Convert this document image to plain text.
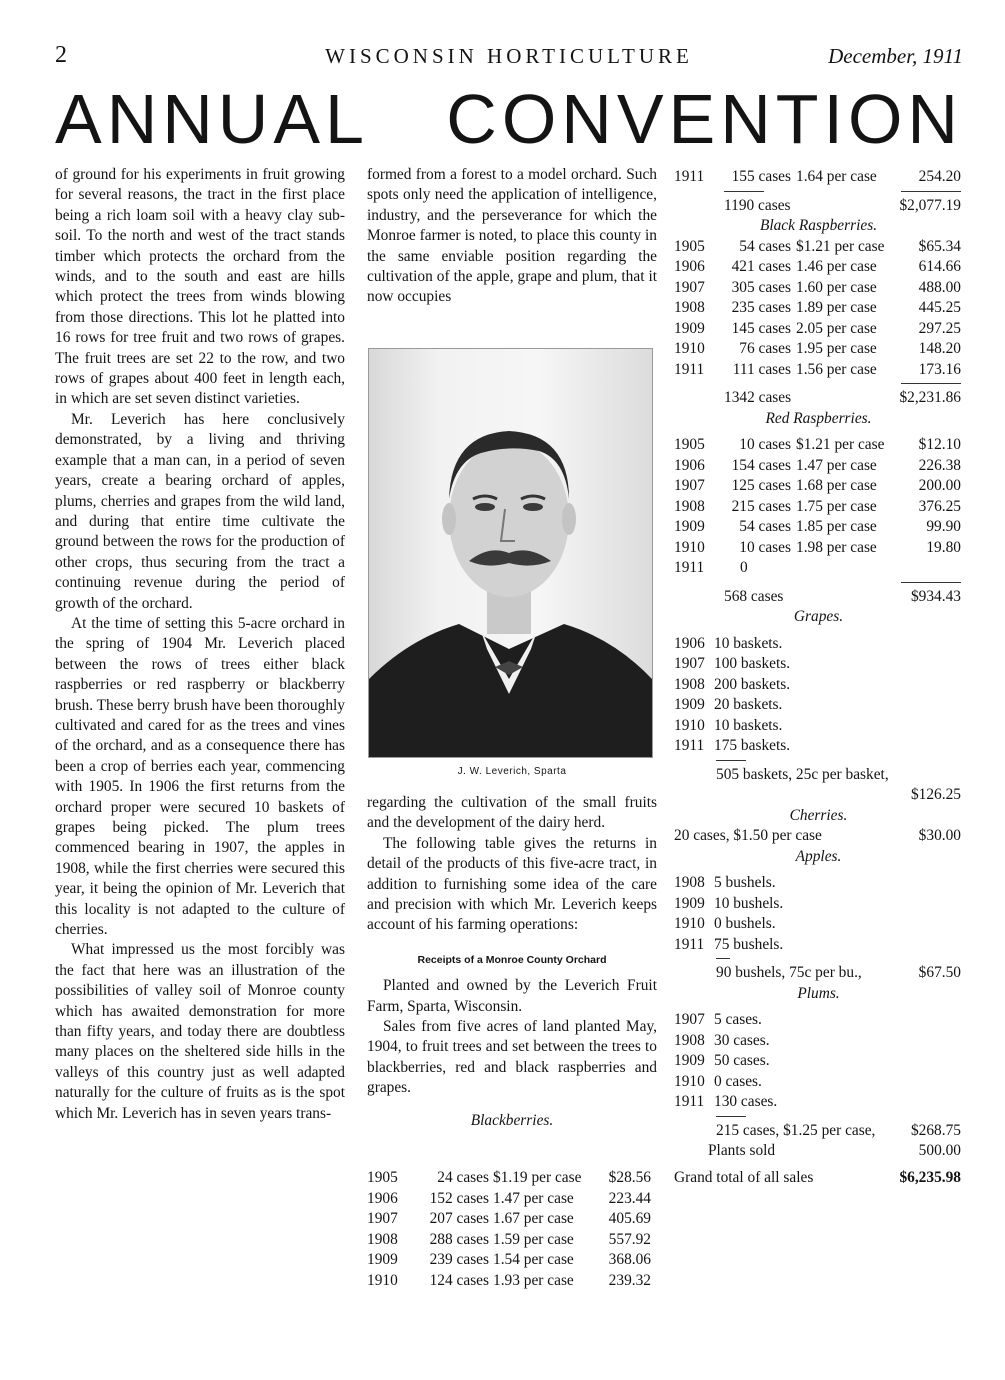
2	WISCONSIN HORTICULTURE	December, 1911
ANNUAL CONVENTION

of ground for his experiments in fruit growing for several reasons, the tract in the first place being a rich loam soil with a heavy clay sub-soil. To the north and west of the tract stands timber which protects the orchard from the winds, and to the south and east are hills which protect the trees from winds blowing from those directions. This lot he platted into 16 rows for tree fruit and two rows of grapes. The fruit trees are set 22 to the row, and two rows of grapes about 400 feet in length each, in which are set seven distinct varieties.

Mr. Leverich has here conclusively demonstrated, by a living and thriving example that a man can, in a period of seven years, create a bearing orchard of apples, plums, cherries and grapes from the wild land, and during that entire time cultivate the ground between the rows for the production of other crops, thus securing from the tract a continuing revenue during the period of growth of the orchard.

At the time of setting this 5-acre orchard in the spring of 1904 Mr. Leverich placed between the rows of trees either black raspberries or red raspberry or blackberry brush. These berry brush have been thoroughly cultivated and cared for as the trees and vines of the orchard, and as a consequence there has been a crop of berries each year, commencing with 1905. In 1906 the first returns from the orchard proper were secured 10 baskets of grapes being picked. The plum trees commenced bearing in 1907, the apples in 1908, while the first cherries were secured this year, it being the opinion of Mr. Leverich that this locality is not adapted to the culture of cherries.

What impressed us the most forcibly was the fact that here was an illustration of the possibilities of valley soil of Monroe county which has awaited demonstration for more than fifty years, and today there are doubtless many places on the sheltered side hills in the valleys of this country just as well adapted naturally for the culture of fruits as is the spot which Mr. Leverich has in seven years trans-

formed from a forest to a model orchard. Such spots only need the application of intelligence, industry, and the perseverance for which the Monroe farmer is noted, to place this county in the same enviable position regarding the cultivation of the apple, grape and plum, that it now occupies

J. W. Leverich, Sparta

regarding the cultivation of the small fruits and the development of the dairy herd.

The following table gives the returns in detail of the products of this five-acre tract, in addition to furnishing some idea of the care and precision with which Mr. Leverich keeps account of his farming operations:

Receipts of a Monroe County Orchard

Planted and owned by the Leverich Fruit Farm, Sparta, Wisconsin.

Sales from five acres of land planted May, 1904, to fruit trees and set between the trees to blackberries, red and black raspberries and grapes.

Blackberries.
1905	24 cases $1.19 per case $28.56
1906	152 cases 1.47 per case 223.44
1907	207 cases 1.67 per case 405.69
1908	288 cases 1.59 per case 557.92
1909	239 cases 1.54 per case 368.06
1910	124 cases 1.93 per case 239.32
1911	155 cases 1.64 per case	254.20
1190 cases	$2,077.19
Black Raspberries.
1905	54 cases $1.21 per case $65.34
1906	421 cases 1.46 per case	614.66
1907	305 cases 1.60 per case	488.00
1908	235 cases 1.89 per case	445.25
1909	145 cases 2.05 per case	297.25
1910	76 cases 1.95 per case	148.20
1911	111 cases 1.56 per case	173.16
1342 cases	$2,231.86
Red Raspberries.
1905	10 cases $1.21 per case $12.10
1906	154 cases 1.47 per case	226.38
1907	125 cases 1.68 per case	200.00
1908	215 cases 1.75 per case	376.25
1909	54 cases 1.85 per case	99.90
1910	10 cases 1.98 per case	19.80
1911 0
568 cases	$934.43
Grapes.
1906 10 baskets.
1907 100 baskets.
1908 200 baskets.
1909 20 baskets.
1910 10 baskets.
1911 175 baskets.
505 baskets, 25c per basket,
$126.25
Cherries.
20 cases, $1.50 per case	$30.00
Apples.
1908 5 bushels.
1909 10 bushels.
1910 0 bushels.
1911 75 bushels.
90 bushels, 75c per bu.,	$67.50
Plums.
1907 5 cases.
1908 30 cases.
1909 50 cases.
1910 0 cases.
1911 130 cases.
215 cases, $1.25 per case, $268.75
Plants sold	500.00
Grand total of all sales	$6,235.98
